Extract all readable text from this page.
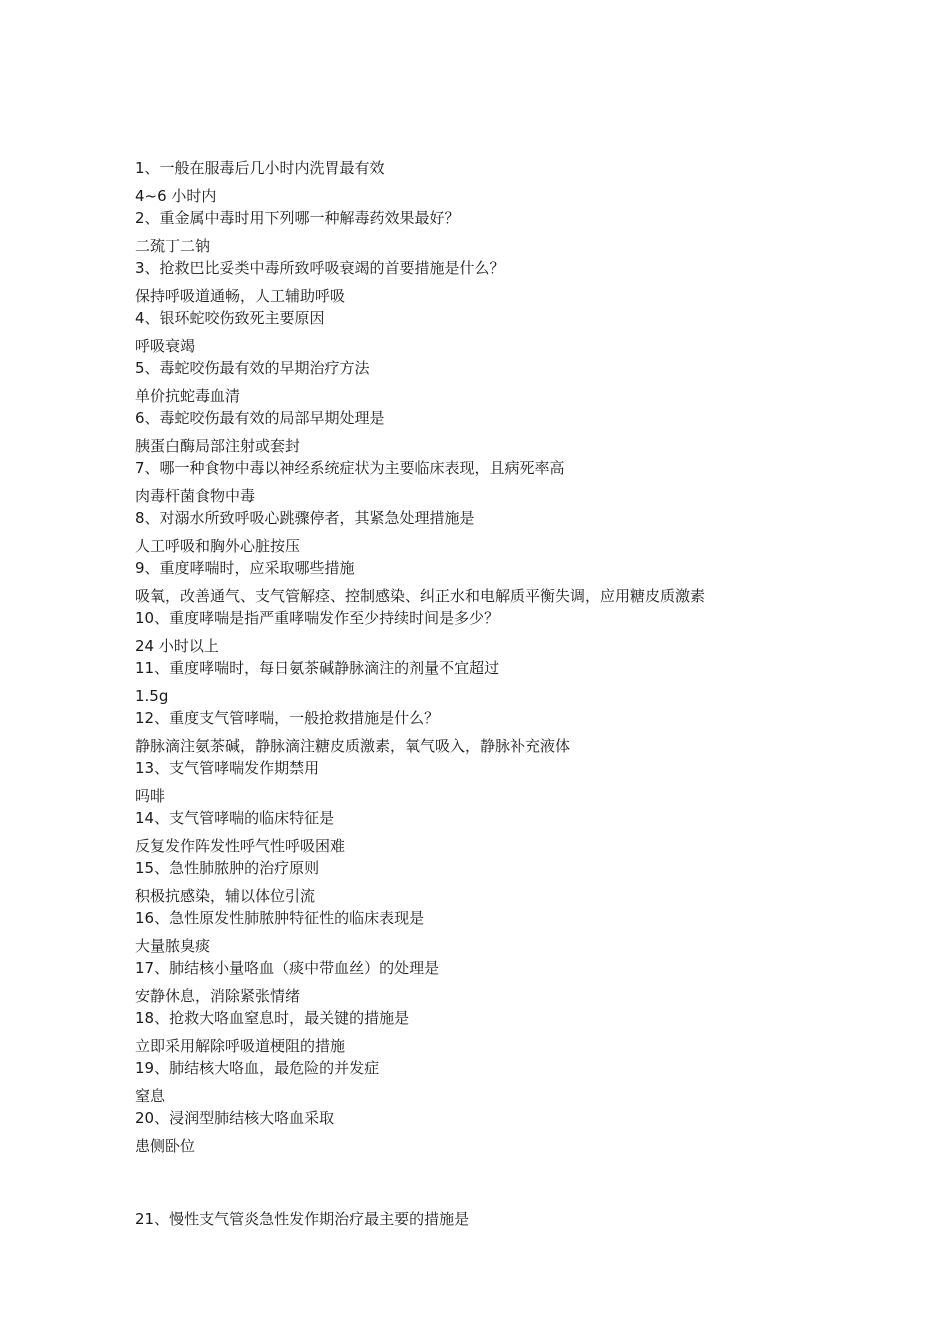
1、一般在服毒后几小时内洗胃最有效
4~6 小时内
2、重金属中毒时用下列哪一种解毒药效果最好？
二巯丁二钠
3、抢救巴比妥类中毒所致呼吸衰竭的首要措施是什么？
保持呼吸道通畅，人工辅助呼吸
4、银环蛇咬伤致死主要原因
呼吸衰竭
5、毒蛇咬伤最有效的早期治疗方法
单价抗蛇毒血清
6、毒蛇咬伤最有效的局部早期处理是
胰蛋白酶局部注射或套封
7、哪一种食物中毒以神经系统症状为主要临床表现，且病死率高
肉毒杆菌食物中毒
8、对溺水所致呼吸心跳骤停者，其紧急处理措施是
人工呼吸和胸外心脏按压
9、重度哮喘时，应采取哪些措施
吸氧，改善通气、支气管解痉、控制感染、纠正水和电解质平衡失调，应用糖皮质激素
10、重度哮喘是指严重哮喘发作至少持续时间是多少？
24 小时以上
11、重度哮喘时，每日氨茶碱静脉滴注的剂量不宜超过
1.5g
12、重度支气管哮喘，一般抢救措施是什么？
静脉滴注氨茶碱，静脉滴注糖皮质激素，氧气吸入，静脉补充液体
13、支气管哮喘发作期禁用
吗啡
14、支气管哮喘的临床特征是
反复发作阵发性呼气性呼吸困难
15、急性肺脓肿的治疗原则
积极抗感染，辅以体位引流
16、急性原发性肺脓肿特征性的临床表现是
大量脓臭痰
17、肺结核小量咯血（痰中带血丝）的处理是
安静休息，消除紧张情绪
18、抢救大咯血窒息时，最关键的措施是
立即采用解除呼吸道梗阻的措施
19、肺结核大咯血，最危险的并发症
窒息
20、浸润型肺结核大咯血采取
患侧卧位
21、慢性支气管炎急性发作期治疗最主要的措施是
